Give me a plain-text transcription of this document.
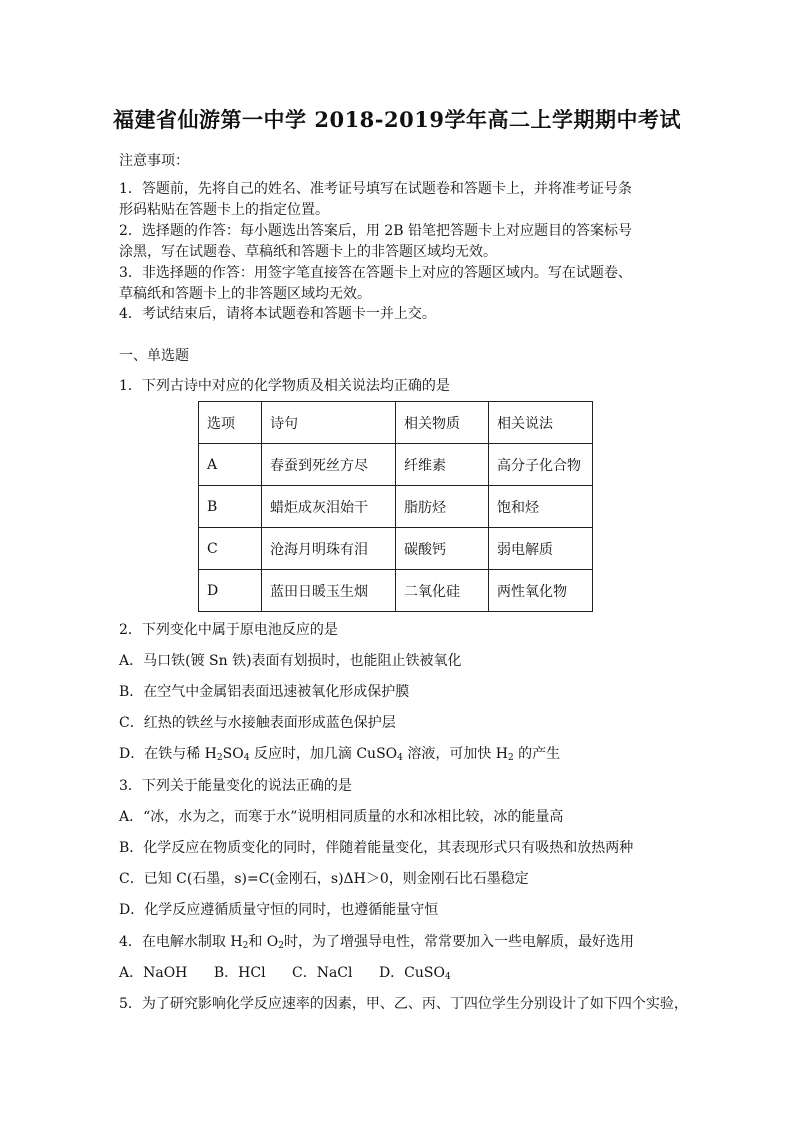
福建省仙游第一中学 2018-2019学年高二上学期期中考试
注意事项：
1．答题前，先将自己的姓名、准考证号填写在试题卷和答题卡上，并将准考证号条
形码粘贴在答题卡上的指定位置。
2．选择题的作答：每小题选出答案后，用 2B 铅笔把答题卡上对应题目的答案标号
涂黑，写在试题卷、草稿纸和答题卡上的非答题区域均无效。
3．非选择题的作答：用签字笔直接答在答题卡上对应的答题区域内。写在试题卷、
草稿纸和答题卡上的非答题区域均无效。
4．考试结束后，请将本试题卷和答题卡一并上交。
一、单选题
1．下列古诗中对应的化学物质及相关说法均正确的是
选项	诗句	相关物质	相关说法
A	春蚕到死丝方尽	纤维素	高分子化合物
B	蜡炬成灰泪始干	脂肪烃	饱和烃
C	沧海月明珠有泪	碳酸钙	弱电解质
D	蓝田日暖玉生烟	二氧化硅	两性氧化物
2．下列变化中属于原电池反应的是
A．马口铁(镀 Sn 铁)表面有划损时，也能阻止铁被氧化
B．在空气中金属铝表面迅速被氧化形成保护膜
C．红热的铁丝与水接触表面形成蓝色保护层
D．在铁与稀 $H_2SO_4$ 反应时，加几滴 CuSO$_4$ 溶液，可加快 $H_2$ 的产生
3．下列关于能量变化的说法正确的是
A．“冰，水为之，而寒于水”说明相同质量的水和冰相比较，冰的能量高
B．化学反应在物质变化的同时，伴随着能量变化，其表现形式只有吸热和放热两种
C．已知 C(石墨，s)=C(金刚石，s)ΔH＞0，则金刚石比石墨稳定
D．化学反应遵循质量守恒的同时，也遵循能量守恒
4．在电解水制取 $H_2$和 $O_2$时，为了增强导电性，常常要加入一些电解质，最好选用
A．NaOH B．HCl C．NaCl D．CuSO$_4$
5．为了研究影响化学反应速率的因素，甲、乙、丙、丁四位学生分别设计了如下四个实验，
